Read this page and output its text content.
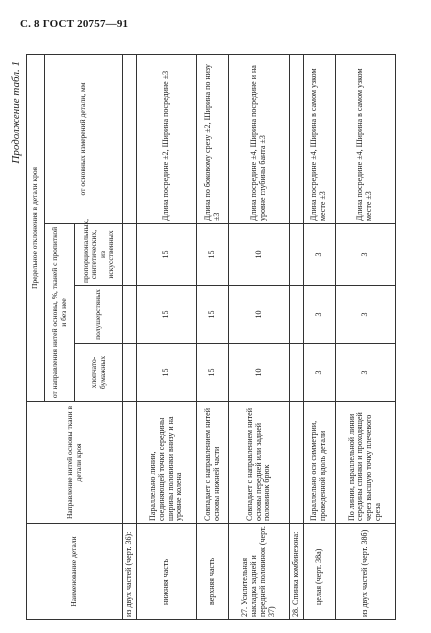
С. 8 ГОСТ 20757—91
Продолжение табл. 1
Наименование детали	Направление нитей основы ткани в детали кроя	Предельное отклонения в детали кроя			
		от направления нитей основы, %, тканей с пропиткой и без нее			от основных измерений детали, мм
		хлопчато-бумажных	полушерстяных	пропорциональных, синтетических, из искусственных	
из двух частей (черт. 36):					
нижняя часть	Параллельно линии, соединяющей точки середины ширины половинки внизу и на уровне колена	15	15	15	Длина посредине ±2, Ширина посредине ±3
верхняя часть	Совпадает с направлением нитей основы нижней части	15	15	15	Длина по боковому срезу ±2, Ширина по низу ±3
27. Усилительная накладка задней и передней половинок (черт. 37)	Совпадает с направлением нитей основы передней или задней половинок брюк	10	10	10	Длина посредине ±4, Ширина посредине и на уровне глубины банта ±3
28. Спинка комбинезона:					
целая (черт. 38а)	Параллельно оси симметрии, проведенной вдоль детали	3	3	3	Длина посредине ±4, Ширина в самом узком месте ±3
из двух частей (черт. 38б)	По линии, параллельной линии середины спинки и проходящей через высшую точку плечевого среза	3	3	3	Длина посредине ±4, Ширина в самом узком месте ±3
